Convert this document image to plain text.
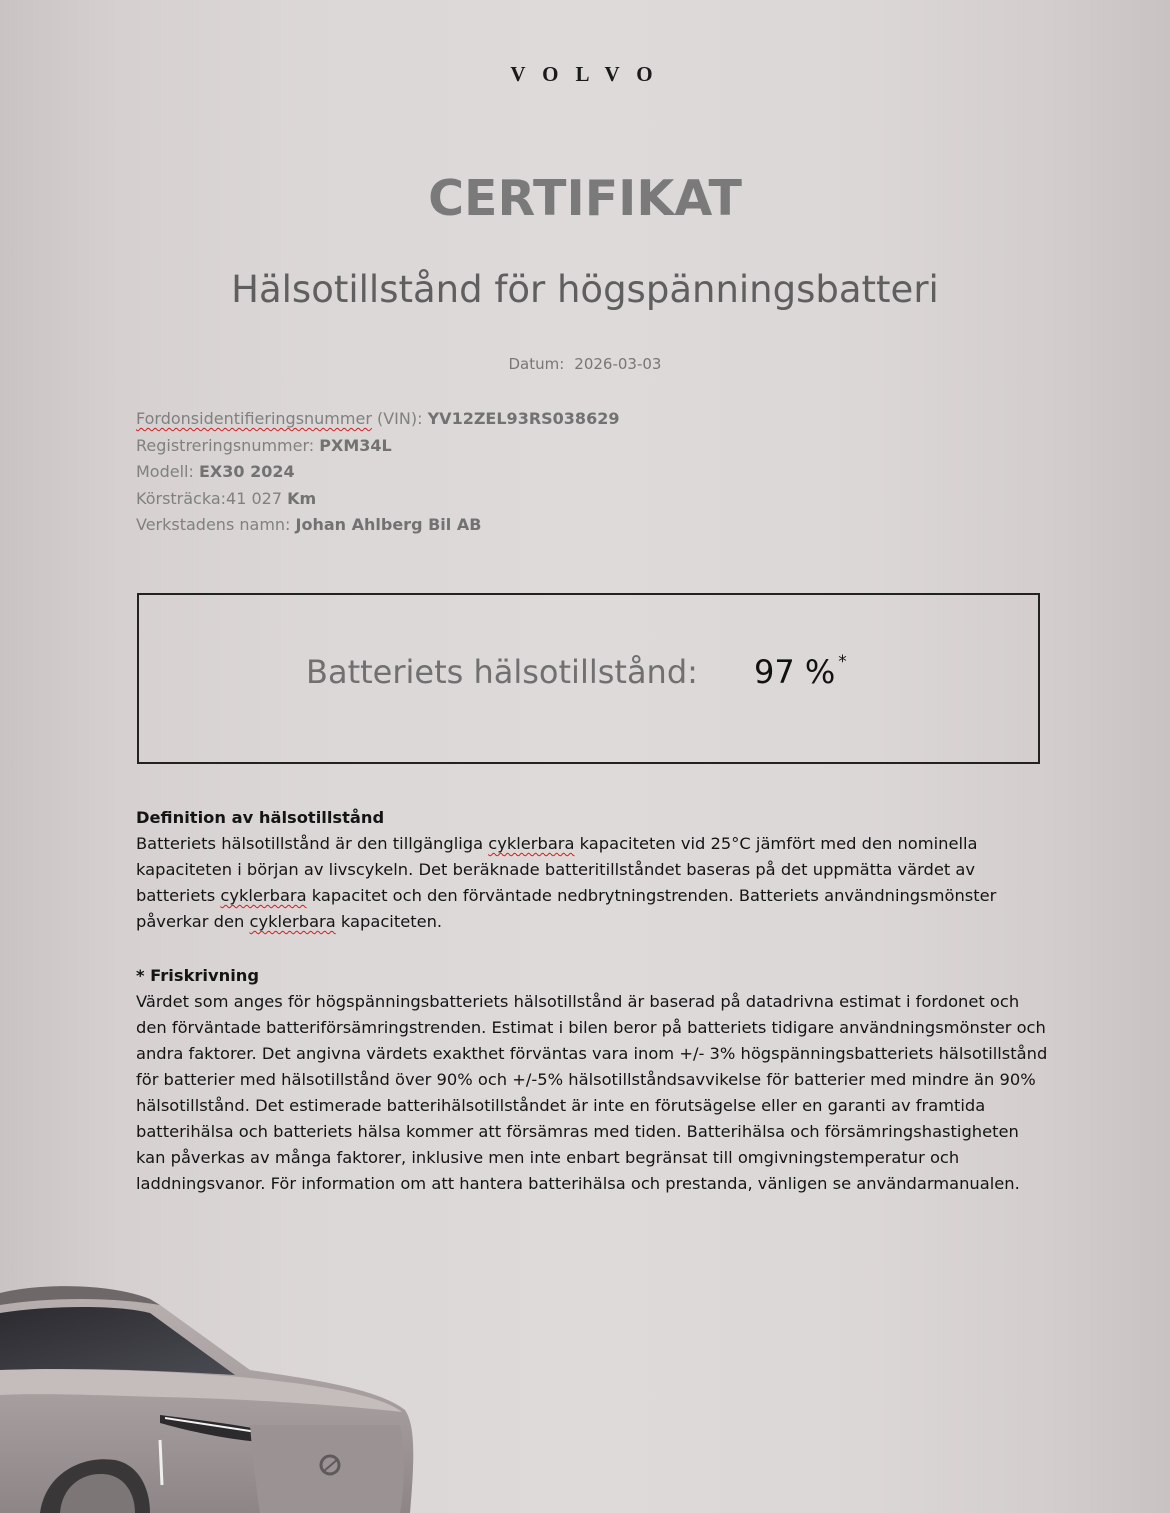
VOLVO
CERTIFIKAT
Hälsotillstånd för högspänningsbatteri
Datum: 2026-03-03
Fordonsidentifieringsnummer (VIN): YV12ZEL93RS038629
Registreringsnummer: PXM34L
Modell: EX30 2024
Körsträcka:41 027 Km
Verkstadens namn: Johan Ahlberg Bil AB
Batteriets hälsotillstånd: 97 % *
Definition av hälsotillstånd

Batteriets hälsotillstånd är den tillgängliga cyklerbara kapaciteten vid 25°C jämfört med den nominella kapaciteten i början av livscykeln. Det beräknade batteritillståndet baseras på det uppmätta värdet av batteriets cyklerbara kapacitet och den förväntade nedbrytningstrenden. Batteriets användningsmönster påverkar den cyklerbara kapaciteten.

* Friskrivning

Värdet som anges för högspänningsbatteriets hälsotillstånd är baserad på datadrivna estimat i fordonet och den förväntade batteriförsämringstrenden. Estimat i bilen beror på batteriets tidigare användningsmönster och andra faktorer. Det angivna värdets exakthet förväntas vara inom +/- 3% högspänningsbatteriets hälsotillstånd för batterier med hälsotillstånd över 90% och +/-5% hälsotillståndsavvikelse för batterier med mindre än 90% hälsotillstånd. Det estimerade batterihälsotillståndet är inte en förutsägelse eller en garanti av framtida batterihälsa och batteriets hälsa kommer att försämras med tiden. Batterihälsa och försämringshastigheten kan påverkas av många faktorer, inklusive men inte enbart begränsat till omgivningstemperatur och laddningsvanor. För information om att hantera batterihälsa och prestanda, vänligen se användarmanualen.
